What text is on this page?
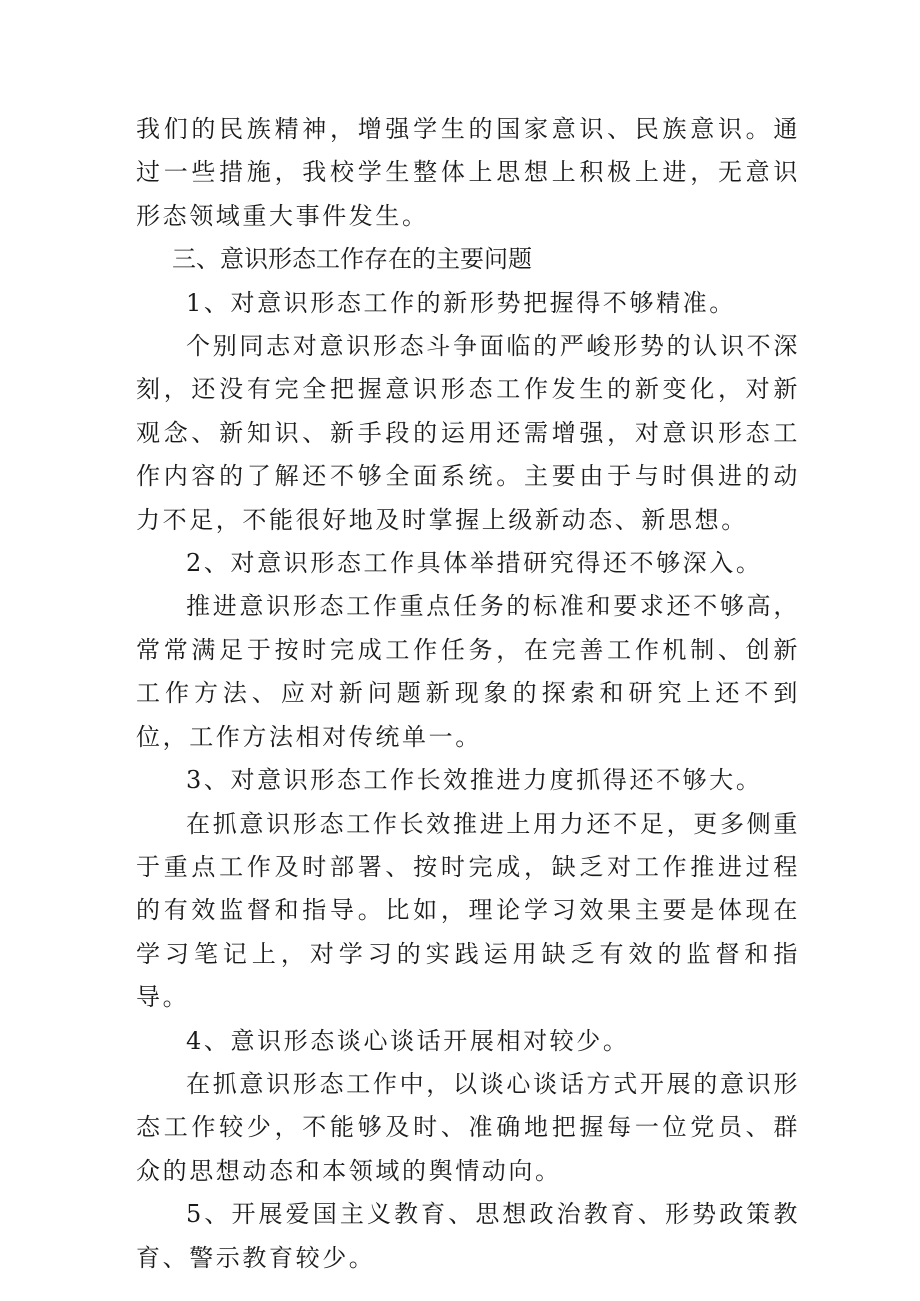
我们的民族精神，增强学生的国家意识、民族意识。通过一些措施，我校学生整体上思想上积极上进，无意识形态领域重大事件发生。

三、意识形态工作存在的主要问题

1、对意识形态工作的新形势把握得不够精准。

个别同志对意识形态斗争面临的严峻形势的认识不深刻，还没有完全把握意识形态工作发生的新变化，对新观念、新知识、新手段的运用还需增强，对意识形态工作内容的了解还不够全面系统。主要由于与时俱进的动力不足，不能很好地及时掌握上级新动态、新思想。

2、对意识形态工作具体举措研究得还不够深入。

推进意识形态工作重点任务的标准和要求还不够高，常常满足于按时完成工作任务，在完善工作机制、创新工作方法、应对新问题新现象的探索和研究上还不到位，工作方法相对传统单一。

3、对意识形态工作长效推进力度抓得还不够大。

在抓意识形态工作长效推进上用力还不足，更多侧重于重点工作及时部署、按时完成，缺乏对工作推进过程的有效监督和指导。比如，理论学习效果主要是体现在学习笔记上，对学习的实践运用缺乏有效的监督和指导。

4、意识形态谈心谈话开展相对较少。

在抓意识形态工作中，以谈心谈话方式开展的意识形态工作较少，不能够及时、准确地把握每一位党员、群众的思想动态和本领域的舆情动向。

5、开展爱国主义教育、思想政治教育、形势政策教育、警示教育较少。
